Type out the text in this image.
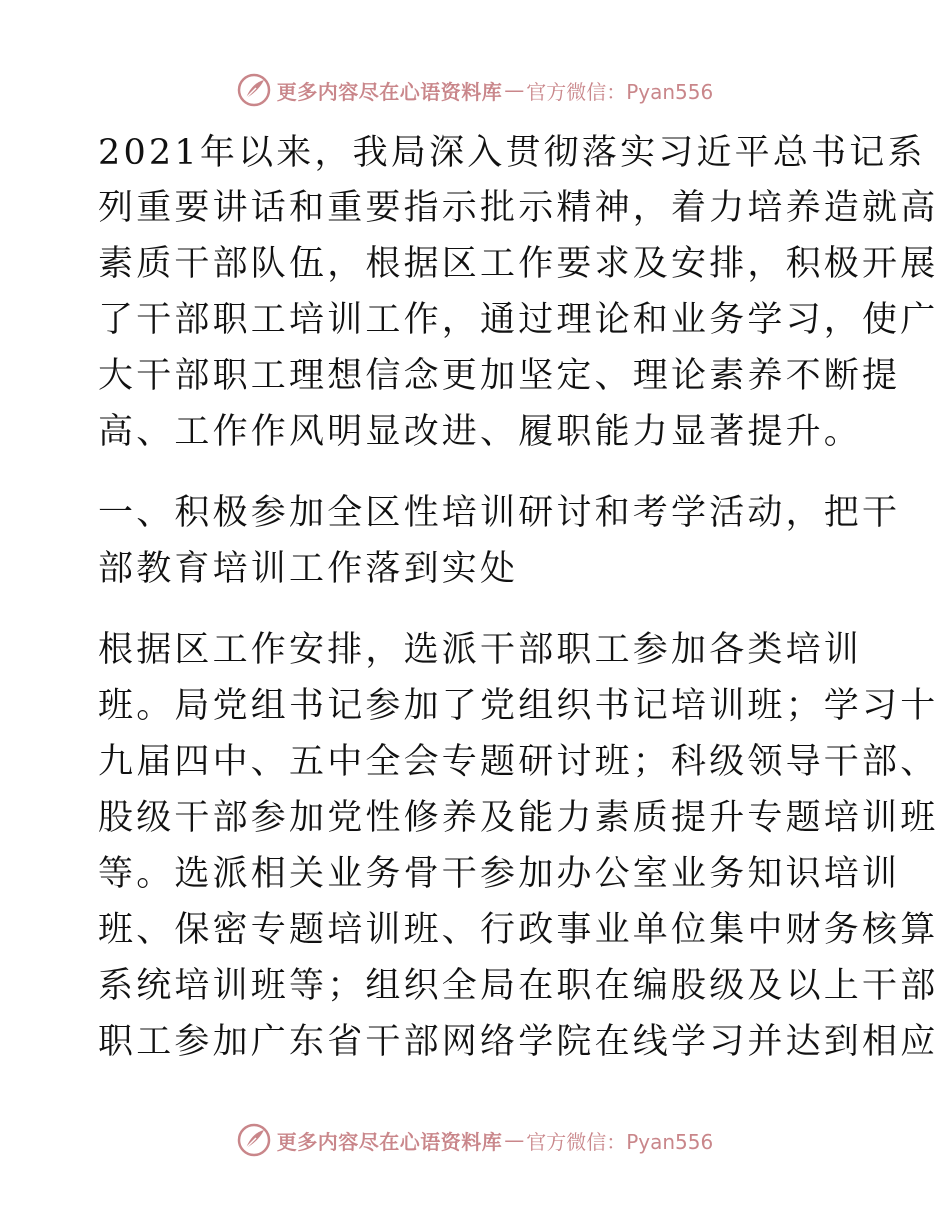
更多内容尽在心语资料库 — 官方微信：Pyan556
2021年以来，我局深入贯彻落实习近平总书记系
列重要讲话和重要指示批示精神，着力培养造就高
素质干部队伍，根据区工作要求及安排，积极开展
了干部职工培训工作，通过理论和业务学习，使广
大干部职工理想信念更加坚定、理论素养不断提
高、工作作风明显改进、履职能力显著提升。
一、积极参加全区性培训研讨和考学活动，把干
部教育培训工作落到实处
根据区工作安排，选派干部职工参加各类培训
班。局党组书记参加了党组织书记培训班；学习十
九届四中、五中全会专题研讨班；科级领导干部、
股级干部参加党性修养及能力素质提升专题培训班
等。选派相关业务骨干参加办公室业务知识培训
班、保密专题培训班、行政事业单位集中财务核算
系统培训班等；组织全局在职在编股级及以上干部
职工参加广东省干部网络学院在线学习并达到相应
更多内容尽在心语资料库 — 官方微信：Pyan556
